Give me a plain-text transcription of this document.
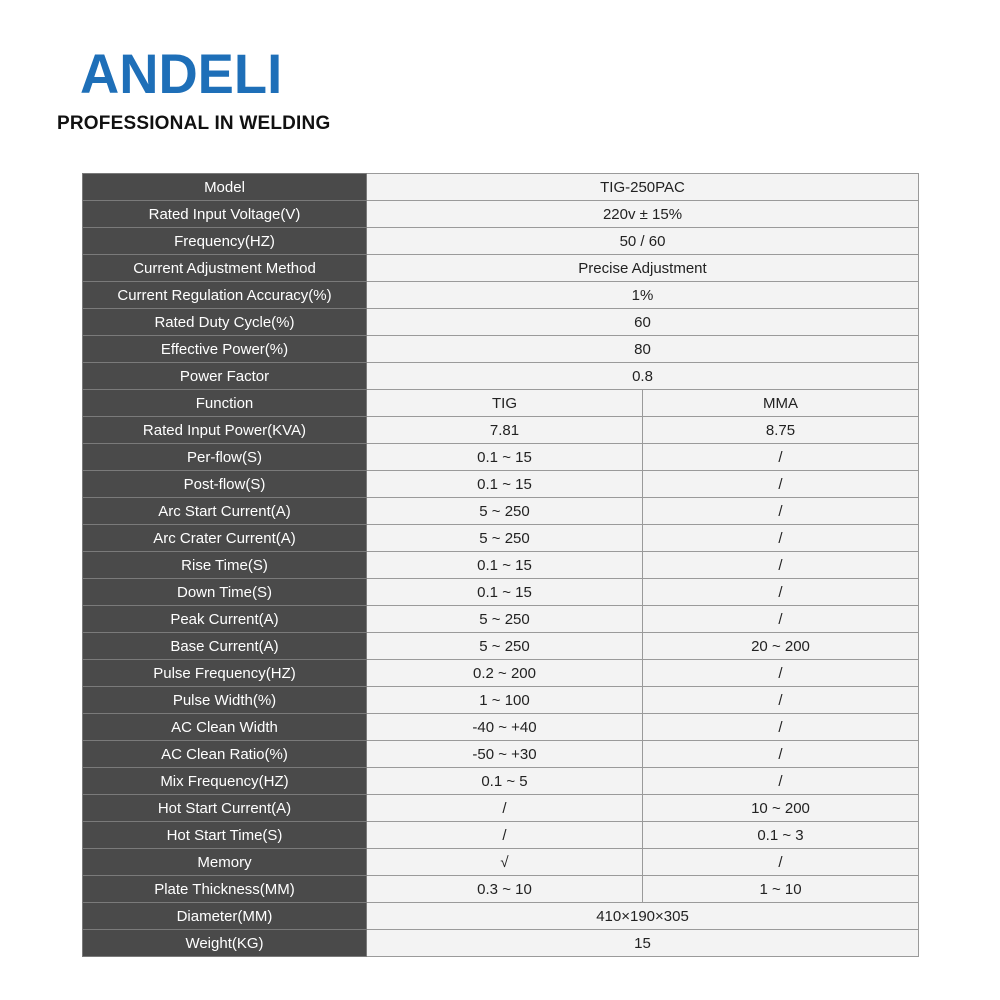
ANDELI
PROFESSIONAL IN WELDING
Model	TIG-250PAC	
Rated Input Voltage(V)	220v ± 15%	
Frequency(HZ)	50 / 60	
Current Adjustment Method	Precise Adjustment	
Current Regulation Accuracy(%)	1%	
Rated Duty Cycle(%)	60	
Effective Power(%)	80	
Power Factor	0.8	
Function	TIG	MMA
Rated Input Power(KVA)	7.81	8.75
Per-flow(S)	0.1 ~ 15	/
Post-flow(S)	0.1 ~ 15	/
Arc Start Current(A)	5 ~ 250	/
Arc Crater Current(A)	5 ~ 250	/
Rise Time(S)	0.1 ~ 15	/
Down Time(S)	0.1 ~ 15	/
Peak Current(A)	5 ~ 250	/
Base Current(A)	5 ~ 250	20 ~ 200
Pulse Frequency(HZ)	0.2 ~ 200	/
Pulse Width(%)	1 ~ 100	/
AC Clean Width	-40 ~ +40	/
AC Clean Ratio(%)	-50 ~ +30	/
Mix Frequency(HZ)	0.1 ~ 5	/
Hot Start Current(A)	/	10 ~ 200
Hot Start Time(S)	/	0.1 ~ 3
Memory	√	/
Plate Thickness(MM)	0.3 ~ 10	1 ~ 10
Diameter(MM)	410×190×305	
Weight(KG)	15	
